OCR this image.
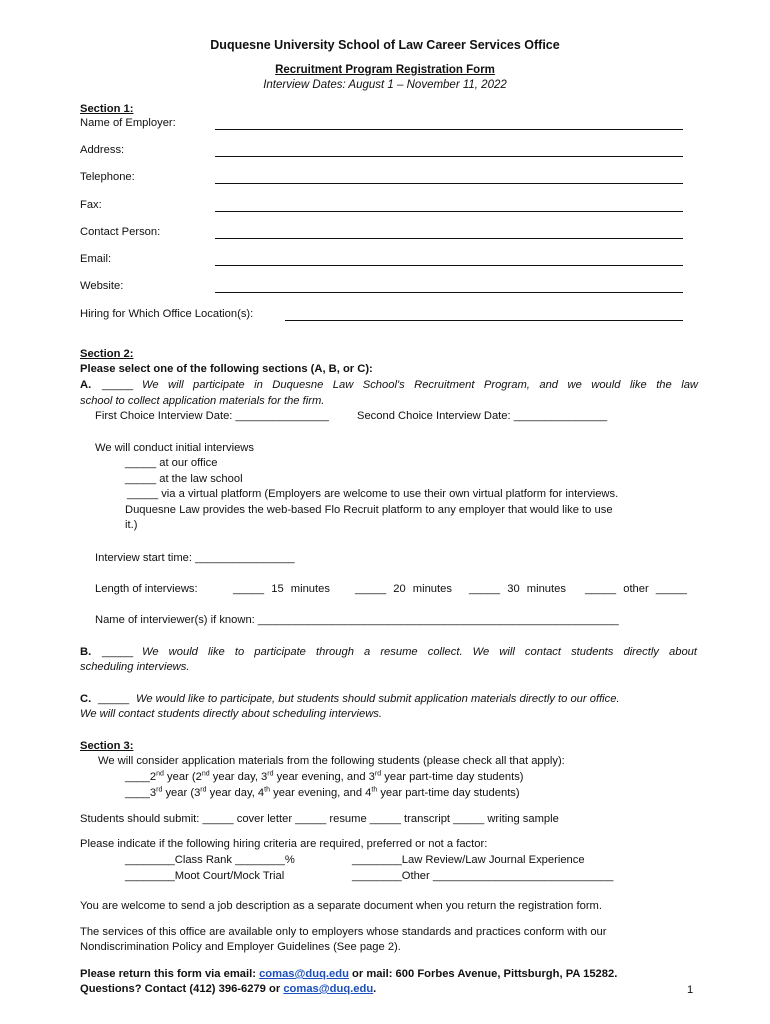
Duquesne University School of Law Career Services Office
Recruitment Program Registration Form
Interview Dates: August 1 – November 11, 2022
Section 1:
Name of Employer:
Address:
Telephone:
Fax:
Contact Person:
Email:
Website:
Hiring for Which Office Location(s):
Section 2:
Please select one of the following sections (A, B, or C):
A. _____ We will participate in Duquesne Law School's Recruitment Program, and we would like the law
school to collect application materials for the firm.
First Choice Interview Date: _______________	Second Choice Interview Date: _______________
We will conduct initial interviews
_____ at our office
_____ at the law school
_____ via a virtual platform (Employers are welcome to use their own virtual platform for interviews.
Duquesne Law provides the web-based Flo Recruit platform to any employer that would like to use
it.)
Interview start time: ________________
Length of interviews:	_____ 15 minutes _____ 20 minutes _____ 30 minutes _____ other _____
Name of interviewer(s) if known: __________________________________________________________
B. _____ We would like to participate through a resume collect. We will contact students directly about
scheduling interviews.
C. _____ We would like to participate, but students should submit application materials directly to our office.
We will contact students directly about scheduling interviews.
Section 3:
We will consider application materials from the following students (please check all that apply):
____2nd year (2nd year day, 3rd year evening, and 3rd year part-time day students)
____3rd year (3rd year day, 4th year evening, and 4th year part-time day students)
Students should submit: _____ cover letter _____ resume _____ transcript _____ writing sample
Please indicate if the following hiring criteria are required, preferred or not a factor:
________Class Rank ________%	________Law Review/Law Journal Experience
________Moot Court/Mock Trial	________Other _____________________________
You are welcome to send a job description as a separate document when you return the registration form.
The services of this office are available only to employers whose standards and practices conform with our
Nondiscrimination Policy and Employer Guidelines (See page 2).
Please return this form via email: comas@duq.edu or mail: 600 Forbes Avenue, Pittsburgh, PA 15282.
Questions? Contact (412) 396-6279 or comas@duq.edu.	1
